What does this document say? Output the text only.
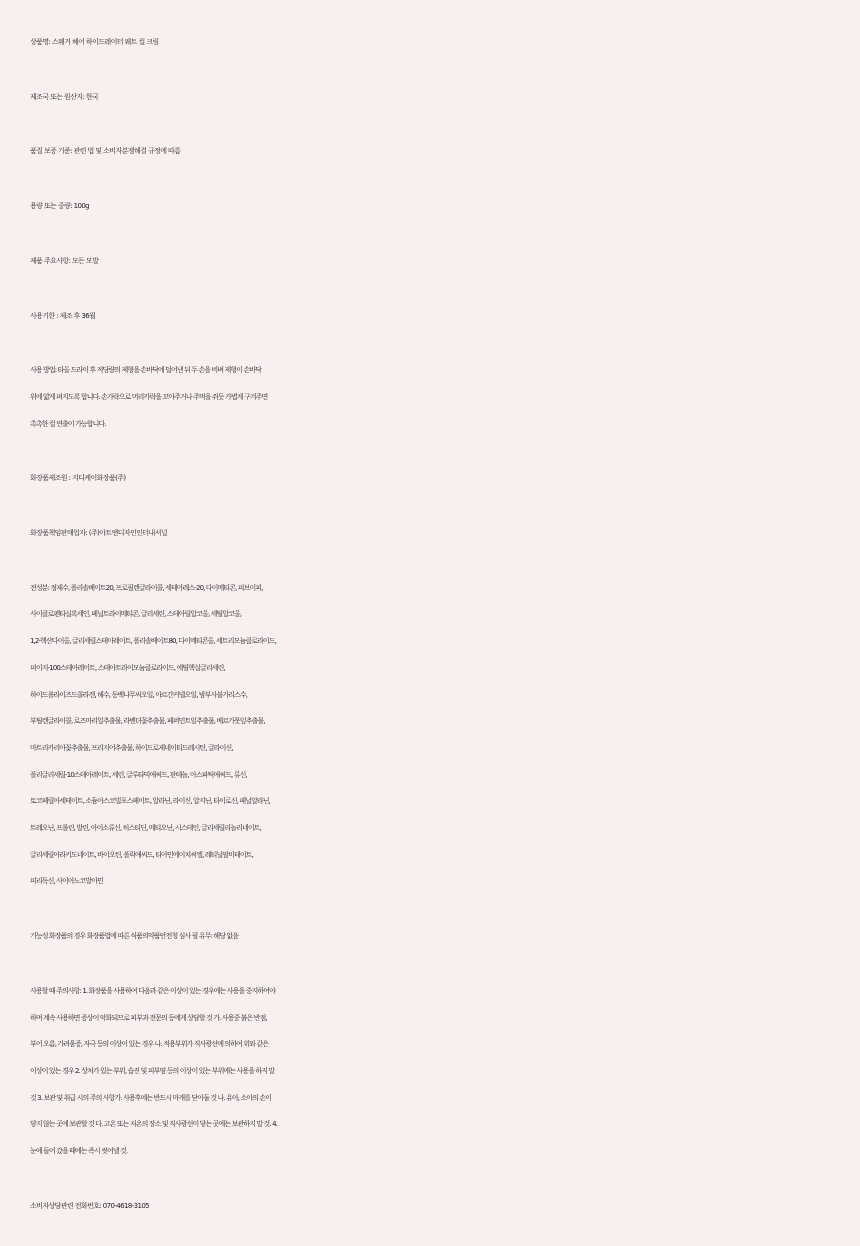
상품명: 스웨거 헤어 하이드레이터 웨트 컬 크림
제조국 또는 원산지: 한국
품질 보증 기준: 관련 법 및 소비자분쟁해결 규정에 따름
용량 또는 중량: 100g
제품 주요사항: 모든 모발
사용기한 : 제조 후 36월
사용 방법: 타올 드라이 후 적당량의 제형을 손바닥에 덜어낸 뒤 두 손을 비벼 제형이 손바닥
위에 얇게 펴지도록 합니다. 손가락으로 머리카락을 꼬아주거나 주먹을 쥐듯 가볍게 구겨주면
촉촉한 컬 연출이 가능합니다.
화장품제조원 : 지디케이화장품(주)
화장품책임판매업자: (주)아트앤디자인인터내셔널
전성분: 정제수, 폴리솔베이트20, 프로필렌글라이콜, 세테아레스-20, 다이메티콘, 피브이피,
사이클로펜타실록세인, 페닐트라이메티콘, 글리세린, 스테아릴알코올, 세틸알코올,
1,2-헥산다이올, 글리세릴스테아레이트, 폴리솔베이트80, 다이메티콘올, 세트리모늄클로라이드,
피이지-100스테아레이트, 스테아트라이모늄클로라이드, 에틸헥실글리세린,
하이드롤라이즈드콜라겐, 해수, 동백나무씨오일, 아르간커넬오일, 밤부사불가리스수,
부틸렌글라이콜, 로즈마리잎추출물, 라벤더꽃추출물, 페퍼민트잎추출물, 베르가못잎추출물,
마트리카리아꽃추출물, 프리지어추출물, 하이드로제네이티드레시틴, 글라이신,
폴리글리세릴-10스테아레이트, 세린, 글루타믹애씨드, 판테놀, 아스파틱애씨드, 류신,
토코페릴아세테이트, 소듐아스코빌포스페이트, 알라닌, 라이신, 알지닌, 타이로신, 페닐알라닌,
트레오닌, 프롤린, 발린, 아이소류신, 히스티딘, 메티오닌, 시스테인, 글리세릴리놀리네이트,
글리세릴아라키도네이트, 바이오틴, 폴릭애씨드, 티아민에이치씨엘, 레티닐팔미테이트,
피리독신, 사이아노코발아민
기능성 화장품의 경우 화장품법에 따른 식품의약품안전청 심사 필 유무: 해당 없음
사용할 때 주의사항: 1. 화장품을 사용하여 다음과 같은 이상이 있는 경우에는 사용을 중지하여야
하며 계속 사용하면 증상이 악화되므로 피부과 전문의 등에게 상담할 것 가. 사용중 붉은 반점,
부어 오름, 가려움증, 자극 등의 이상이 있는 경우 나. 적용부위가 직사광선에 의하여 위와 같은
이상이 있는 경우 2. 상처가 있는 부위, 습진 및 피부염 등의 이상이 있는 부위에는 사용을 하지 말
것 3. 보관 및 취급 시의 주의 사항가. 사용후에는 반드시 마개를 닫아둘 것 나. 유아, 소아의 손이
닿지 않는 곳에 보관할 것 다. 고온 또는 저온의 장소 및 직사광선이 닿는 곳에는 보관하지 말 것. 4.
눈에 들어 갔을 때에는 즉시 씻어낼 것.
소비자상담관련 전화번호: 070-4618-3105
